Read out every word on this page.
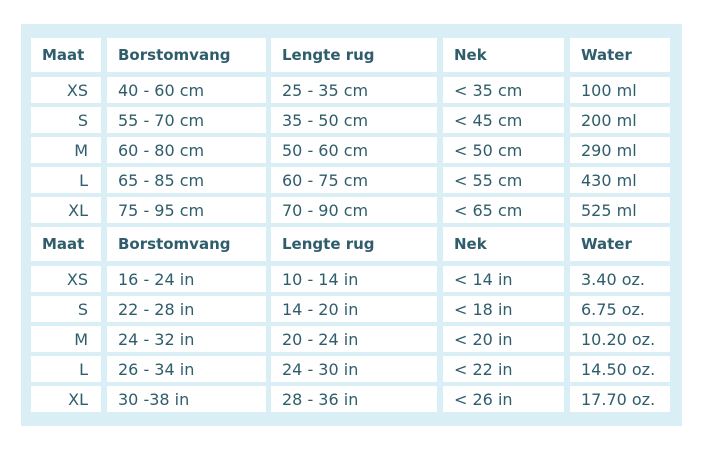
Maat	Borstomvang	Lengte rug	Nek	Water
XS	40 - 60 cm	25 - 35 cm	< 35 cm	100 ml
S	55 - 70 cm	35 - 50 cm	< 45 cm	200 ml
M	60 - 80 cm	50 - 60 cm	< 50 cm	290 ml
L	65 - 85 cm	60 - 75 cm	< 55 cm	430 ml
XL	75 - 95 cm	70 - 90 cm	< 65 cm	525 ml
Maat	Borstomvang	Lengte rug	Nek	Water
XS	16 - 24 in	10 - 14 in	< 14 in	3.40 oz.
S	22 - 28 in	14 - 20 in	< 18 in	6.75 oz.
M	24 - 32 in	20 - 24 in	< 20 in	10.20 oz.
L	26 - 34 in	24 - 30 in	< 22 in	14.50 oz.
XL	30 -38 in	28 - 36 in	< 26 in	17.70 oz.
